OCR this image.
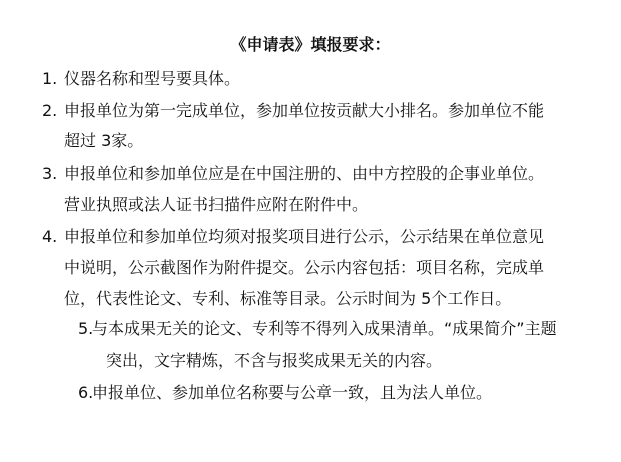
《申请表》填报要求：
1. 仪器名称和型号要具体。
2. 申报单位为第一完成单位，参加单位按贡献大小排名。参加单位不能
超过 3家。
3. 申报单位和参加单位应是在中国注册的、由中方控股的企事业单位。
营业执照或法人证书扫描件应附在附件中。
4. 申报单位和参加单位均须对报奖项目进行公示，公示结果在单位意见
中说明，公示截图作为附件提交。公示内容包括：项目名称，完成单
位，代表性论文、专利、标准等目录。公示时间为 5个工作日。
5.与本成果无关的论文、专利等不得列入成果清单。“成果简介”主题
突出，文字精炼，不含与报奖成果无关的内容。
6.申报单位、参加单位名称要与公章一致，且为法人单位。
